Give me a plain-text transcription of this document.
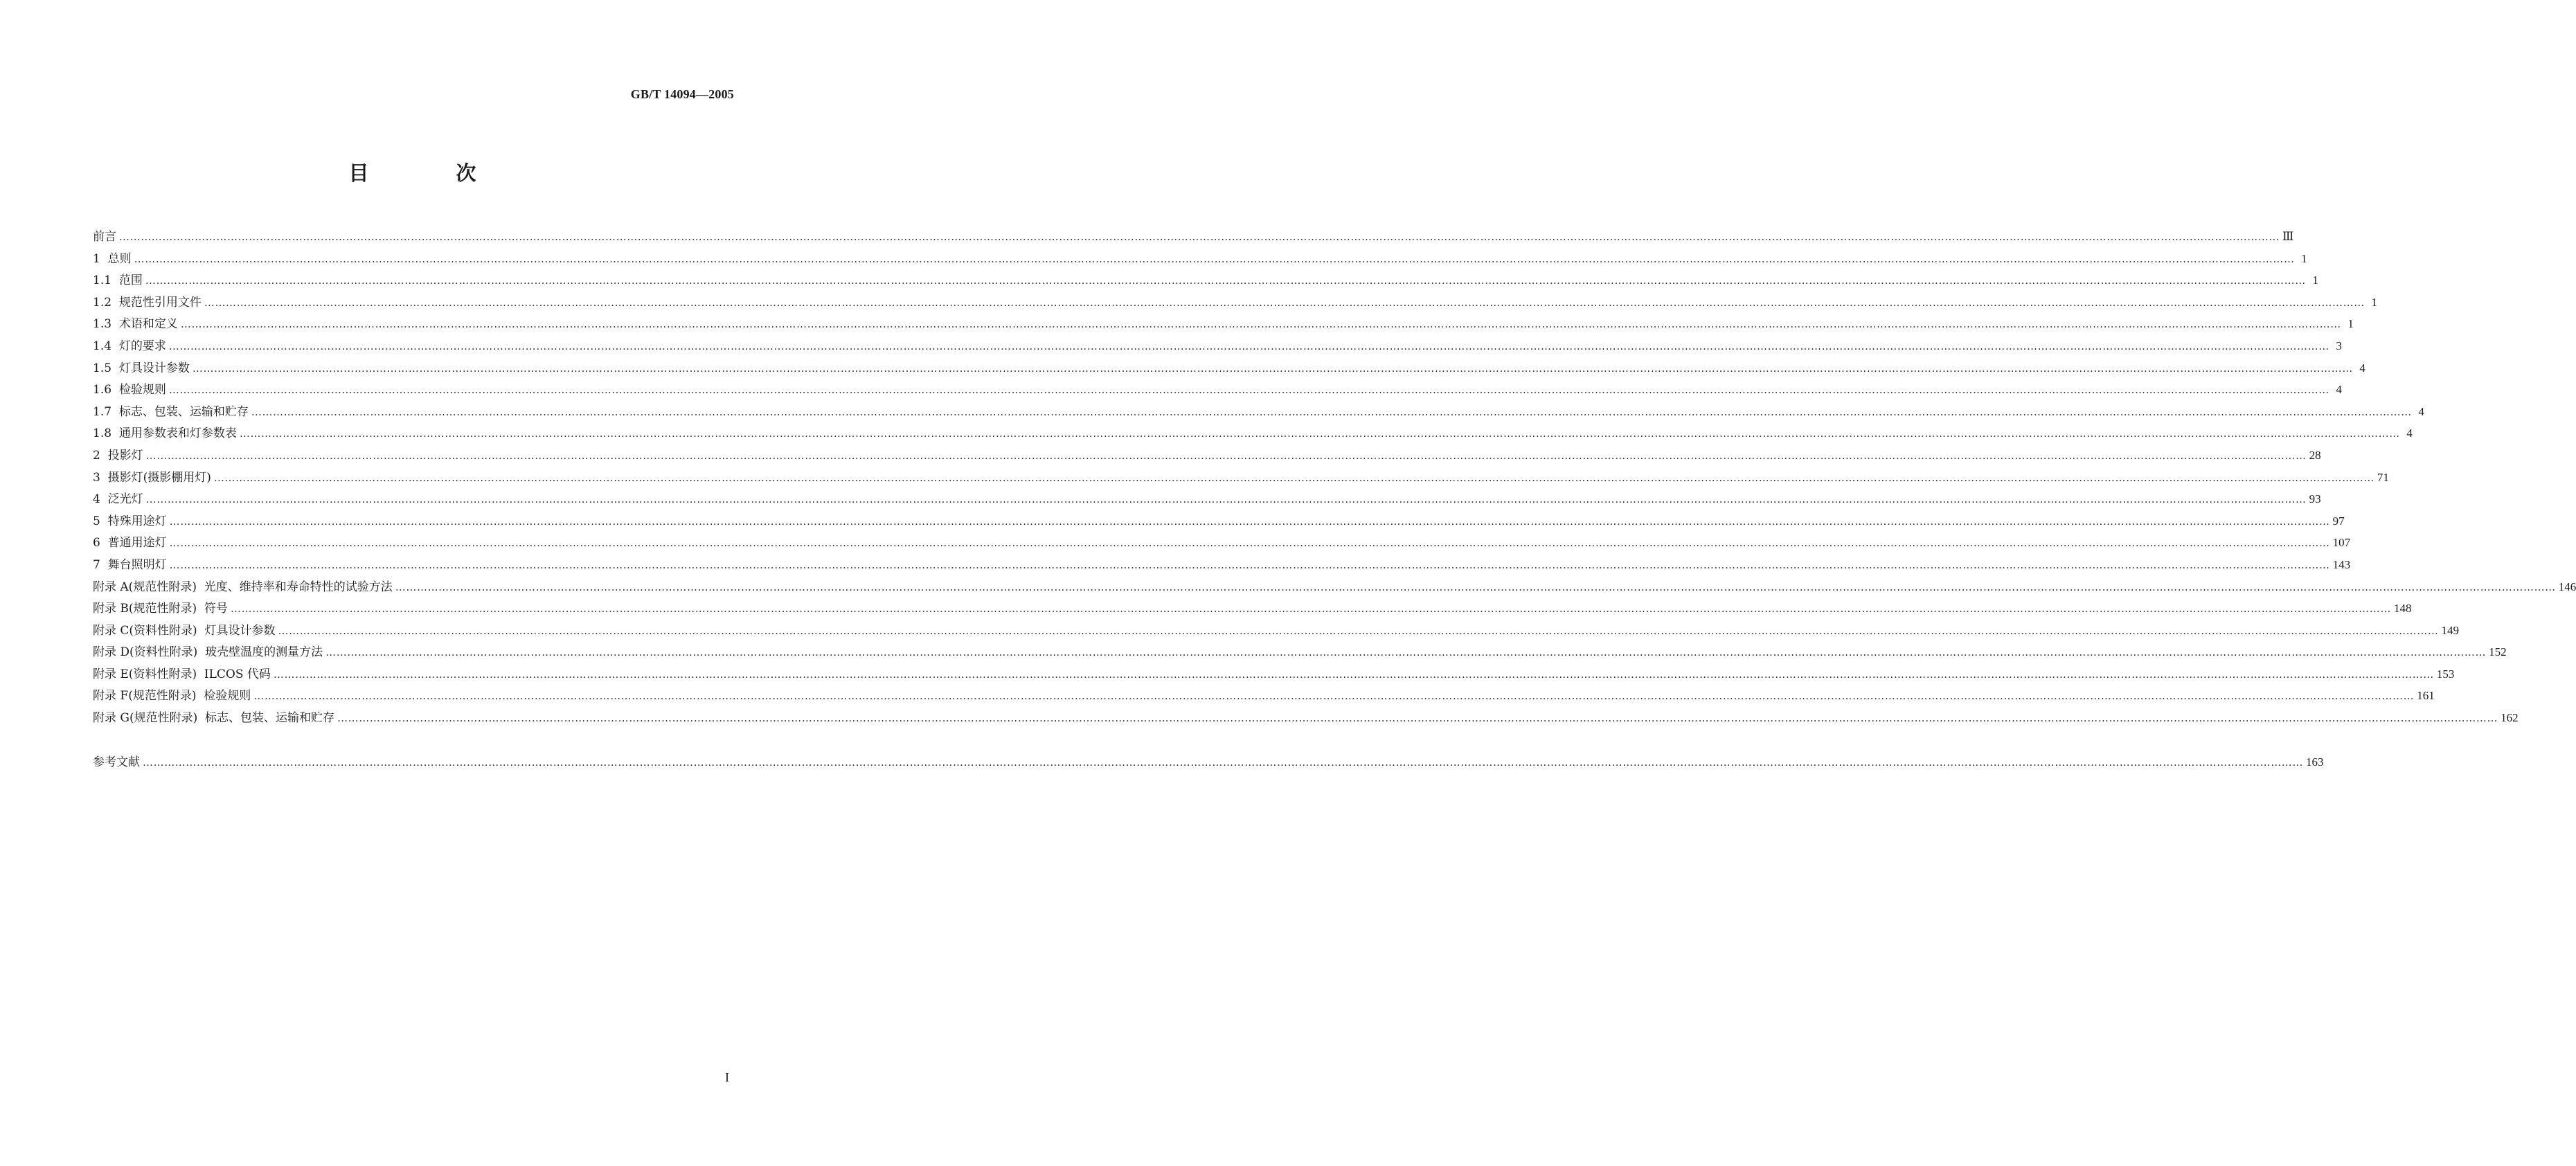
GB/T 14094—2005
目 次
前言 …………………………………………………………………………………………………………………………………………………………………………………………………………………………………………………………………………………………………………………………………………………………………………………………………………………………………………………………………………………………………………………………………………………… Ⅲ
1  总则 …………………………………………………………………………………………………………………………………………………………………………………………………………………………………………………………………………………………………………………………………………………………………………………………………………………………………………………………………………………………………………………………………………………… 1
1.1  范围 …………………………………………………………………………………………………………………………………………………………………………………………………………………………………………………………………………………………………………………………………………………………………………………………………………………………………………………………………………………………………………………………………………………… 1
1.2  规范性引用文件 …………………………………………………………………………………………………………………………………………………………………………………………………………………………………………………………………………………………………………………………………………………………………………………………………………………………………………………………………………………………………………………………………………………… 1
1.3  术语和定义 …………………………………………………………………………………………………………………………………………………………………………………………………………………………………………………………………………………………………………………………………………………………………………………………………………………………………………………………………………………………………………………………………………………… 1
1.4  灯的要求 …………………………………………………………………………………………………………………………………………………………………………………………………………………………………………………………………………………………………………………………………………………………………………………………………………………………………………………………………………………………………………………………………………………… 3
1.5  灯具设计参数 …………………………………………………………………………………………………………………………………………………………………………………………………………………………………………………………………………………………………………………………………………………………………………………………………………………………………………………………………………………………………………………………………………………… 4
1.6  检验规则 …………………………………………………………………………………………………………………………………………………………………………………………………………………………………………………………………………………………………………………………………………………………………………………………………………………………………………………………………………………………………………………………………………………… 4
1.7  标志、包装、运输和贮存 …………………………………………………………………………………………………………………………………………………………………………………………………………………………………………………………………………………………………………………………………………………………………………………………………………………………………………………………………………………………………………………………………………………… 4
1.8  通用参数表和灯参数表 …………………………………………………………………………………………………………………………………………………………………………………………………………………………………………………………………………………………………………………………………………………………………………………………………………………………………………………………………………………………………………………………………………………… 4
2  投影灯 …………………………………………………………………………………………………………………………………………………………………………………………………………………………………………………………………………………………………………………………………………………………………………………………………………………………………………………………………………………………………………………………………………………… 28
3  摄影灯(摄影棚用灯) …………………………………………………………………………………………………………………………………………………………………………………………………………………………………………………………………………………………………………………………………………………………………………………………………………………………………………………………………………………………………………………………………………………… 71
4  泛光灯 …………………………………………………………………………………………………………………………………………………………………………………………………………………………………………………………………………………………………………………………………………………………………………………………………………………………………………………………………………………………………………………………………………………… 93
5  特殊用途灯 …………………………………………………………………………………………………………………………………………………………………………………………………………………………………………………………………………………………………………………………………………………………………………………………………………………………………………………………………………………………………………………………………………………… 97
6  普通用途灯 …………………………………………………………………………………………………………………………………………………………………………………………………………………………………………………………………………………………………………………………………………………………………………………………………………………………………………………………………………………………………………………………………………………… 107
7  舞台照明灯 …………………………………………………………………………………………………………………………………………………………………………………………………………………………………………………………………………………………………………………………………………………………………………………………………………………………………………………………………………………………………………………………………………………… 143
附录 A(规范性附录)  光度、维持率和寿命特性的试验方法 …………………………………………………………………………………………………………………………………………………………………………………………………………………………………………………………………………………………………………………………………………………………………………………………………………………………………………………………………………………………………………………………………………………… 146
附录 B(规范性附录)  符号 …………………………………………………………………………………………………………………………………………………………………………………………………………………………………………………………………………………………………………………………………………………………………………………………………………………………………………………………………………………………………………………………………………………… 148
附录 C(资料性附录)  灯具设计参数 …………………………………………………………………………………………………………………………………………………………………………………………………………………………………………………………………………………………………………………………………………………………………………………………………………………………………………………………………………………………………………………………………………………… 149
附录 D(资料性附录)  玻壳壁温度的测量方法 …………………………………………………………………………………………………………………………………………………………………………………………………………………………………………………………………………………………………………………………………………………………………………………………………………………………………………………………………………………………………………………………………………………… 152
附录 E(资料性附录)  ILCOS 代码 …………………………………………………………………………………………………………………………………………………………………………………………………………………………………………………………………………………………………………………………………………………………………………………………………………………………………………………………………………………………………………………………………………………… 153
附录 F(规范性附录)  检验规则 …………………………………………………………………………………………………………………………………………………………………………………………………………………………………………………………………………………………………………………………………………………………………………………………………………………………………………………………………………………………………………………………………………………… 161
附录 G(规范性附录)  标志、包装、运输和贮存 …………………………………………………………………………………………………………………………………………………………………………………………………………………………………………………………………………………………………………………………………………………………………………………………………………………………………………………………………………………………………………………………………………………… 162
参考文献 …………………………………………………………………………………………………………………………………………………………………………………………………………………………………………………………………………………………………………………………………………………………………………………………………………………………………………………………………………………………………………………………………………………… 163
I
